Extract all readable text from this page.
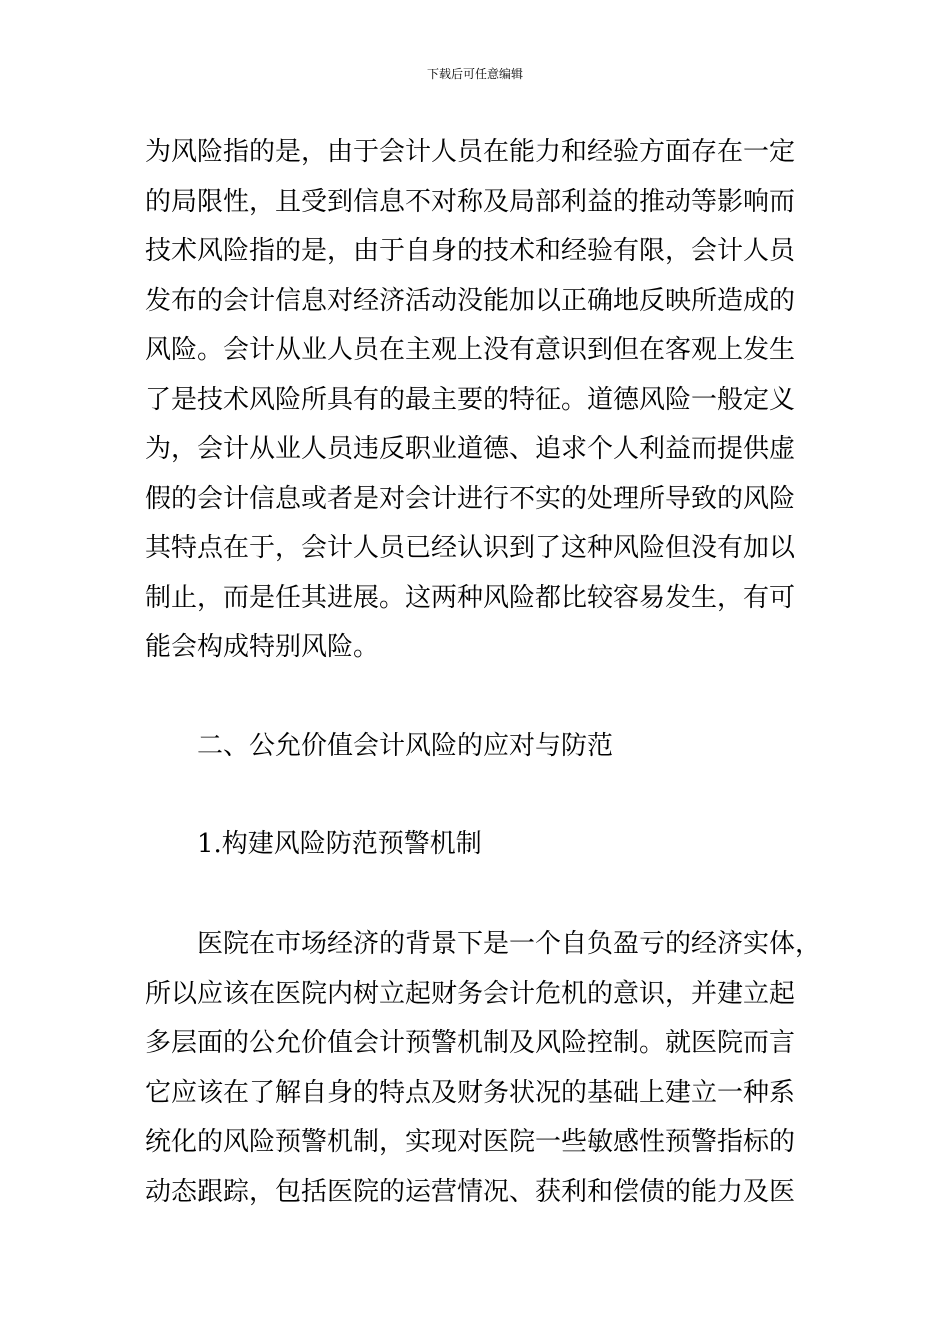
下载后可任意编辑
为风险指的是，由于会计人员在能力和经验方面存在一定
的局限性，且受到信息不对称及局部利益的推动等影响而
技术风险指的是，由于自身的技术和经验有限，会计人员
发布的会计信息对经济活动没能加以正确地反映所造成的
风险。会计从业人员在主观上没有意识到但在客观上发生
了是技术风险所具有的最主要的特征。道德风险一般定义
为，会计从业人员违反职业道德、追求个人利益而提供虚
假的会计信息或者是对会计进行不实的处理所导致的风险
其特点在于，会计人员已经认识到了这种风险但没有加以
制止，而是任其进展。这两种风险都比较容易发生，有可
能会构成特别风险。
二、公允价值会计风险的应对与防范
1.构建风险防范预警机制
　　医院在市场经济的背景下是一个自负盈亏的经济实体，
所以应该在医院内树立起财务会计危机的意识，并建立起
多层面的公允价值会计预警机制及风险控制。就医院而言
它应该在了解自身的特点及财务状况的基础上建立一种系
统化的风险预警机制，实现对医院一些敏感性预警指标的
动态跟踪，包括医院的运营情况、获利和偿债的能力及医
